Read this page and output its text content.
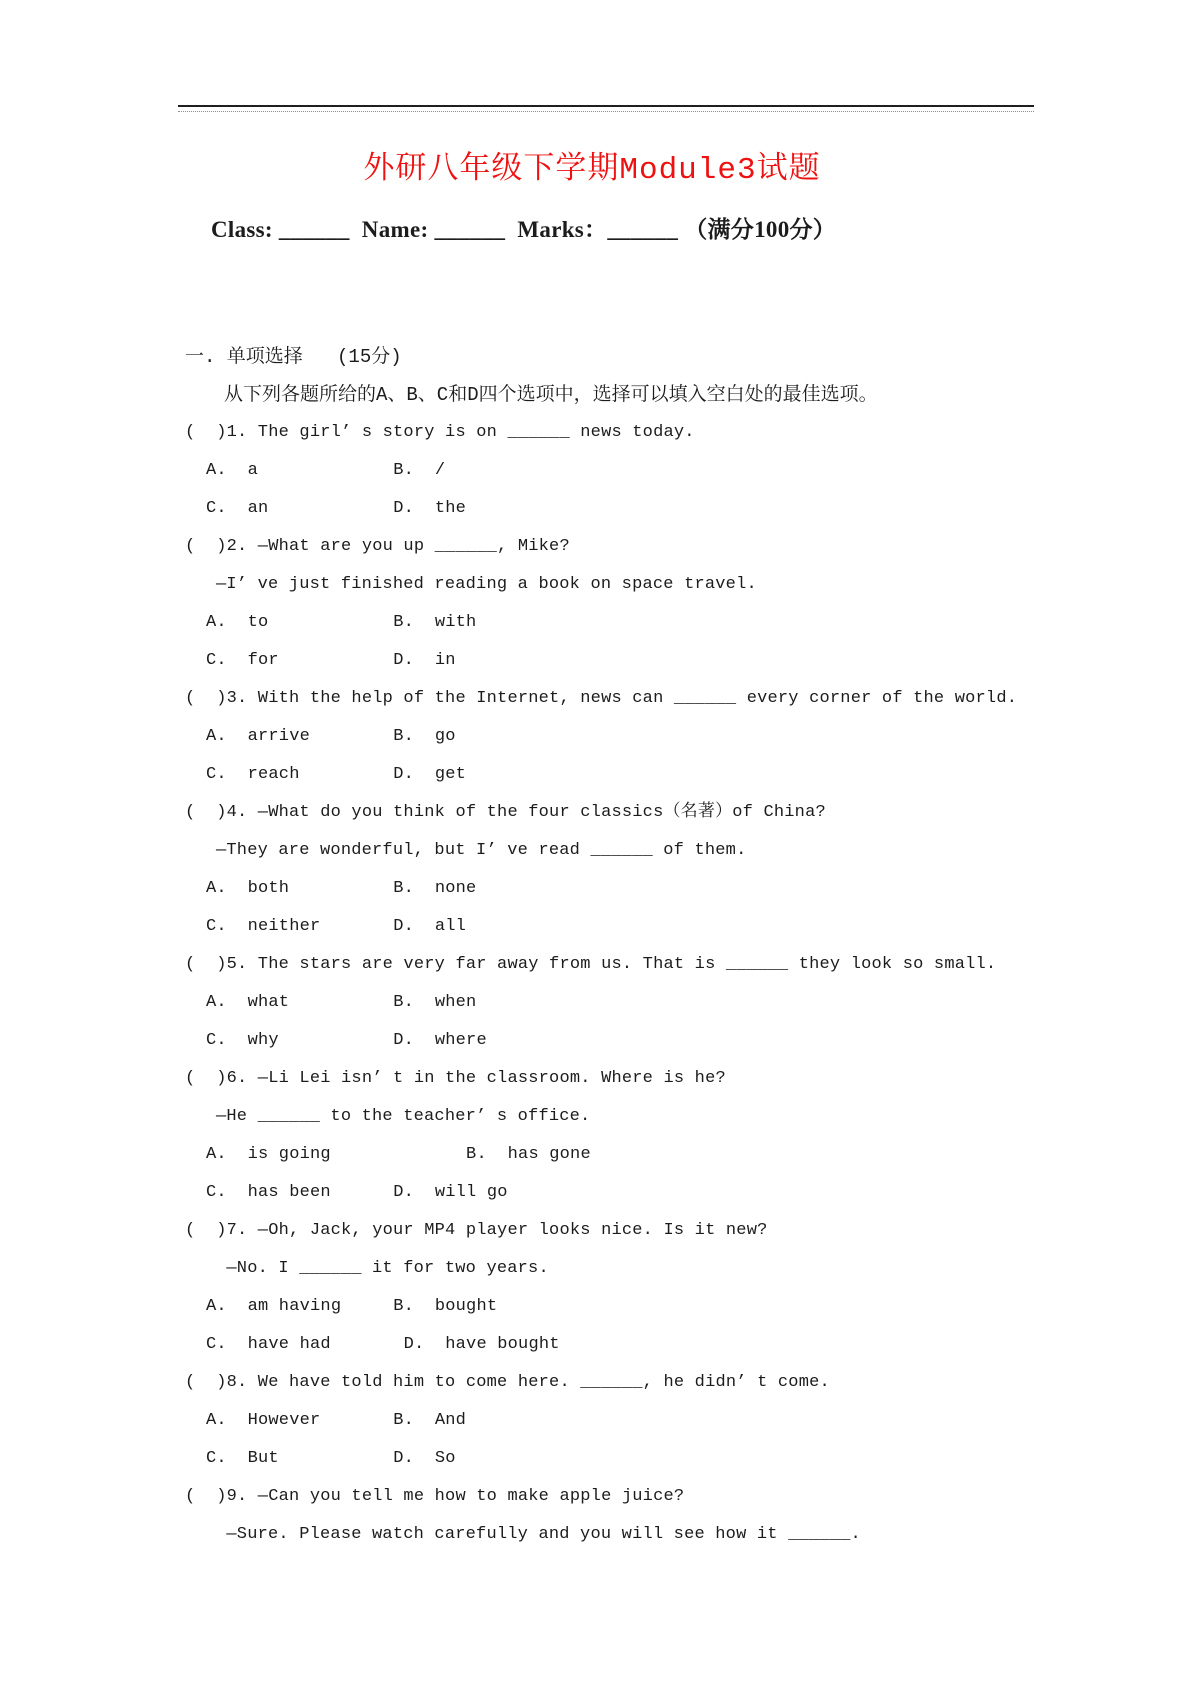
外研八年级下学期Module3试题
Class: ______  Name: ______  Marks：______ （满分100分）
一. 单项选择   (15分)
从下列各题所给的A、B、C和D四个选项中，选择可以填入空白处的最佳选项。
(  )1. The girl’ s story is on ______ news today.
A.  a             B.  /
C.  an            D.  the
(  )2. —What are you up ______, Mike?
—I’ ve just finished reading a book on space travel.
A.  to            B.  with
C.  for           D.  in
(  )3. With the help of the Internet, news can ______ every corner of the world.
A.  arrive        B.  go
C.  reach         D.  get
(  )4. —What do you think of the four classics（名著）of China?
—They are wonderful, but I’ ve read ______ of them.
A.  both          B.  none
C.  neither       D.  all
(  )5. The stars are very far away from us. That is ______ they look so small.
A.  what          B.  when
C.  why           D.  where
(  )6. —Li Lei isn’ t in the classroom. Where is he?
—He ______ to the teacher’ s office.
A.  is going             B.  has gone
C.  has been      D.  will go
(  )7. —Oh, Jack, your MP4 player looks nice. Is it new?
—No. I ______ it for two years.
A.  am having     B.  bought
C.  have had       D.  have bought
(  )8. We have told him to come here. ______, he didn’ t come.
A.  However       B.  And
C.  But           D.  So
(  )9. —Can you tell me how to make apple juice?
—Sure. Please watch carefully and you will see how it ______.
